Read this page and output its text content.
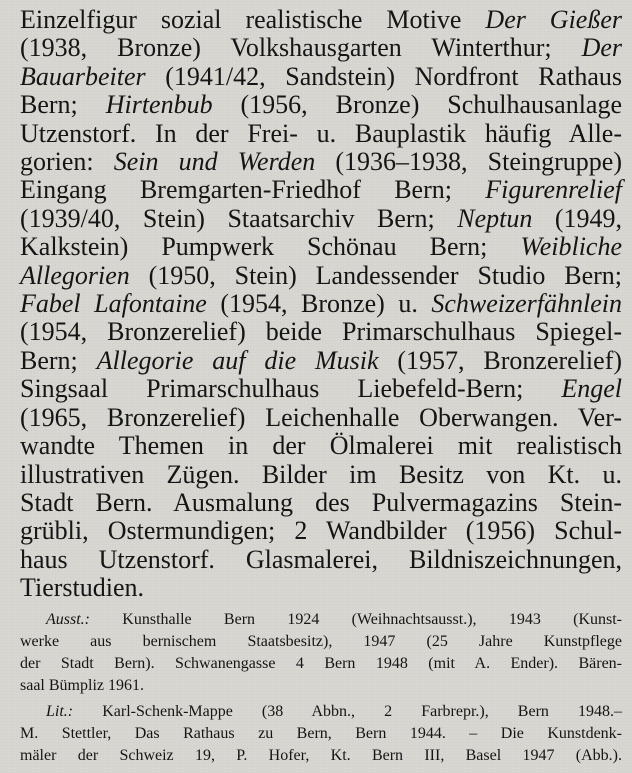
Einzelfigur sozial realistische Motive Der Gießer
(1938, Bronze) Volkshausgarten Winterthur; Der
Bauarbeiter (1941/42, Sandstein) Nordfront Rathaus
Bern; Hirtenbub (1956, Bronze) Schulhausanlage
Utzenstorf. In der Frei- u. Bauplastik häufig Alle-
gorien: Sein und Werden (1936–1938, Steingruppe)
Eingang Bremgarten-Friedhof Bern; Figurenrelief
(1939/40, Stein) Staatsarchiv Bern; Neptun (1949,
Kalkstein) Pumpwerk Schönau Bern; Weibliche
Allegorien (1950, Stein) Landessender Studio Bern;
Fabel Lafontaine (1954, Bronze) u. Schweizerfähnlein
(1954, Bronzerelief) beide Primarschulhaus Spiegel-
Bern; Allegorie auf die Musik (1957, Bronzerelief)
Singsaal Primarschulhaus Liebefeld-Bern; Engel
(1965, Bronzerelief) Leichenhalle Oberwangen. Ver-
wandte Themen in der Ölmalerei mit realistisch
illustrativen Zügen. Bilder im Besitz von Kt. u.
Stadt Bern. Ausmalung des Pulvermagazins Stein-
grübli, Ostermundigen; 2 Wandbilder (1956) Schul-
haus Utzenstorf. Glasmalerei, Bildniszeichnungen,
Tierstudien.
Ausst.: Kunsthalle Bern 1924 (Weihnachtsausst.), 1943 (Kunst-
werke aus bernischem Staatsbesitz), 1947 (25 Jahre Kunstpflege
der Stadt Bern). Schwanengasse 4 Bern 1948 (mit A. Ender). Bären-
saal Bümpliz 1961.
Lit.: Karl-Schenk-Mappe (38 Abbn., 2 Farbrepr.), Bern 1948.–
M. Stettler, Das Rathaus zu Bern, Bern 1944. – Die Kunstdenk-
mäler der Schweiz 19, P. Hofer, Kt. Bern III, Basel 1947 (Abb.).
